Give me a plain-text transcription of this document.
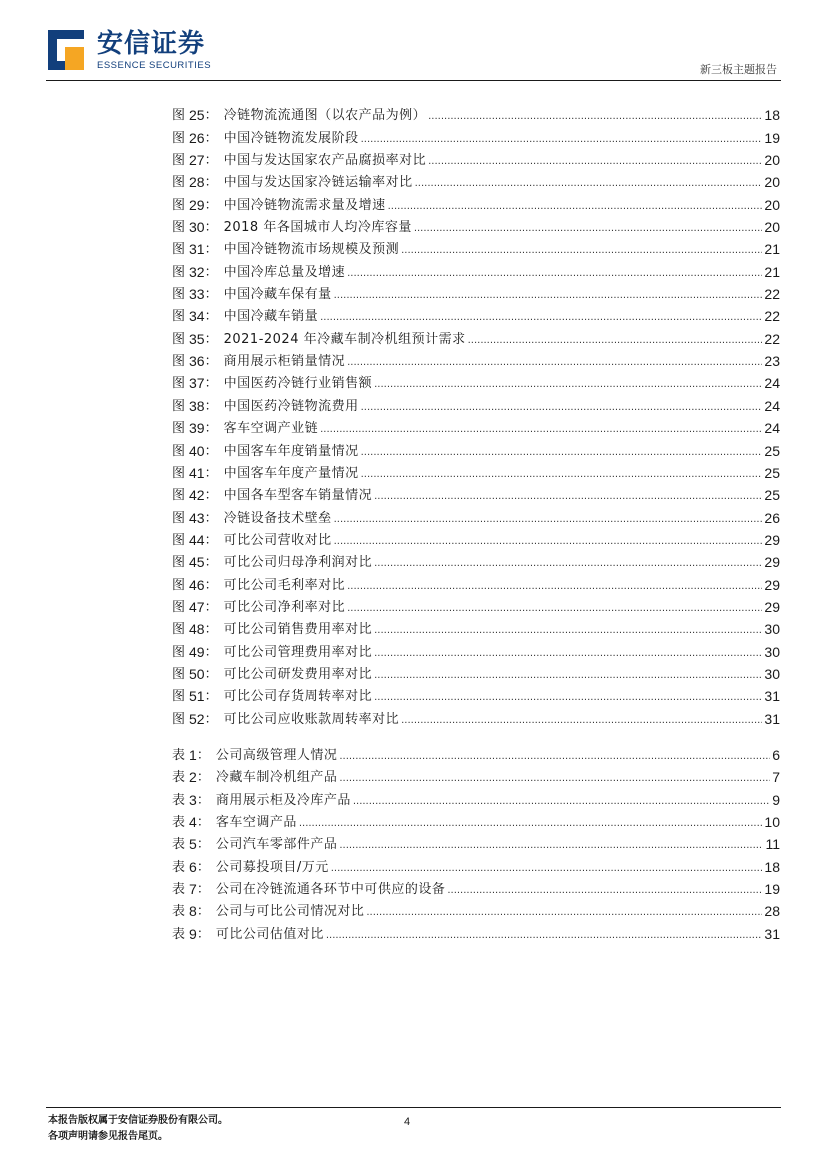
安信证券
ESSENCE SECURITIES	新三板主题报告
图 25 ： 冷链物流流通图（以农产品为例） .....	18
图 26 ： 中国冷链物流发展阶段 .....	19
图 27 ： 中国与发达国家农产品腐损率对比 .....	20
图 28 ： 中国与发达国家冷链运输率对比 .....	20
图 29 ： 中国冷链物流需求量及增速 .....	20
图 30 ： 2018 年各国城市人均冷库容量 .....	20
图 31 ： 中国冷链物流市场规模及预测 .....	21
图 32 ： 中国冷库总量及增速 .....	21
图 33 ： 中国冷藏车保有量 .....	22
图 34 ： 中国冷藏车销量 .....	22
图 35 ： 2021-2024 年冷藏车制冷机组预计需求 .....	22
图 36 ： 商用展示柜销量情况 .....	23
图 37 ： 中国医药冷链行业销售额 .....	24
图 38 ： 中国医药冷链物流费用 .....	24
图 39 ： 客车空调产业链 .....	24
图 40 ： 中国客车年度销量情况 .....	25
图 41 ： 中国客车年度产量情况 .....	25
图 42 ： 中国各车型客车销量情况 .....	25
图 43 ： 冷链设备技术壁垒 .....	26
图 44 ： 可比公司营收对比 .....	29
图 45 ： 可比公司归母净利润对比 .....	29
图 46 ： 可比公司毛利率对比 .....	29
图 47 ： 可比公司净利率对比 .....	29
图 48 ： 可比公司销售费用率对比 .....	30
图 49 ： 可比公司管理费用率对比 .....	30
图 50 ： 可比公司研发费用率对比 .....	30
图 51 ： 可比公司存货周转率对比 .....	31
图 52 ： 可比公司应收账款周转率对比 .....	31
表 1 ： 公司高级管理人情况 .....	6
表 2 ： 冷藏车制冷机组产品 .....	7
表 3 ： 商用展示柜及冷库产品 .....	9
表 4 ： 客车空调产品 .....	10
表 5 ： 公司汽车零部件产品 .....	11
表 6 ： 公司募投项目/万元 .....	18
表 7 ： 公司在冷链流通各环节中可供应的设备 .....	19
表 8 ： 公司与可比公司情况对比 .....	28
表 9 ： 可比公司估值对比 .....	31
本报告版权属于安信证券股份有限公司。
各项声明请参见报告尾页。
4
